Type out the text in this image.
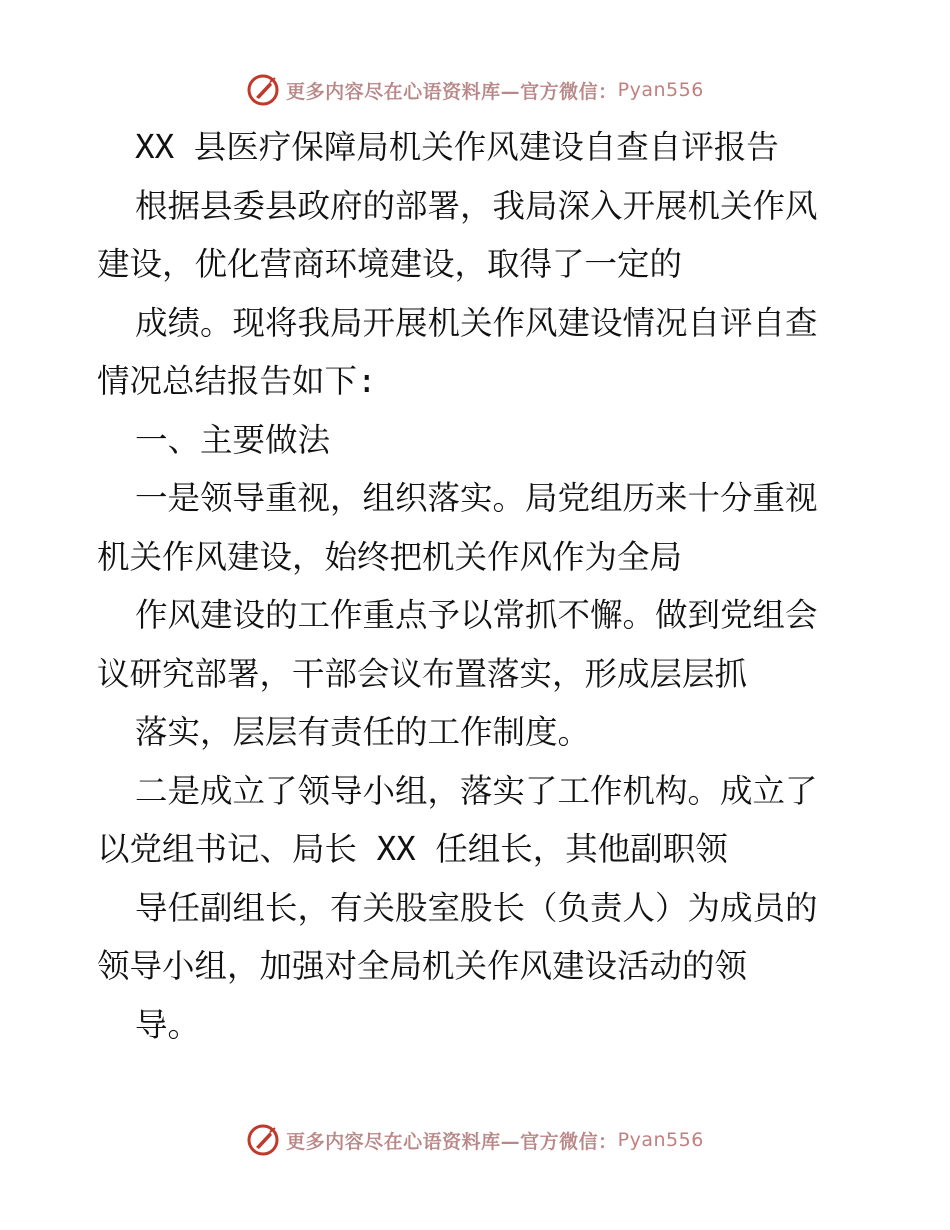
更多内容尽在心语资料库—官方微信： Pyan556
XX 县医疗保障局机关作风建设自查自评报告
根据县委县政府的部署，我局深入开展机关作风
建设，优化营商环境建设，取得了一定的
成绩。现将我局开展机关作风建设情况自评自查
情况总结报告如下:
一、主要做法
一是领导重视，组织落实。局党组历来十分重视
机关作风建设，始终把机关作风作为全局
作风建设的工作重点予以常抓不懈。做到党组会
议研究部署，干部会议布置落实，形成层层抓
落实，层层有责任的工作制度。
二是成立了领导小组，落实了工作机构。成立了
以党组书记、局长 XX 任组长，其他副职领
导任副组长，有关股室股长（负责人）为成员的
领导小组，加强对全局机关作风建设活动的领
导。
更多内容尽在心语资料库—官方微信： Pyan556
